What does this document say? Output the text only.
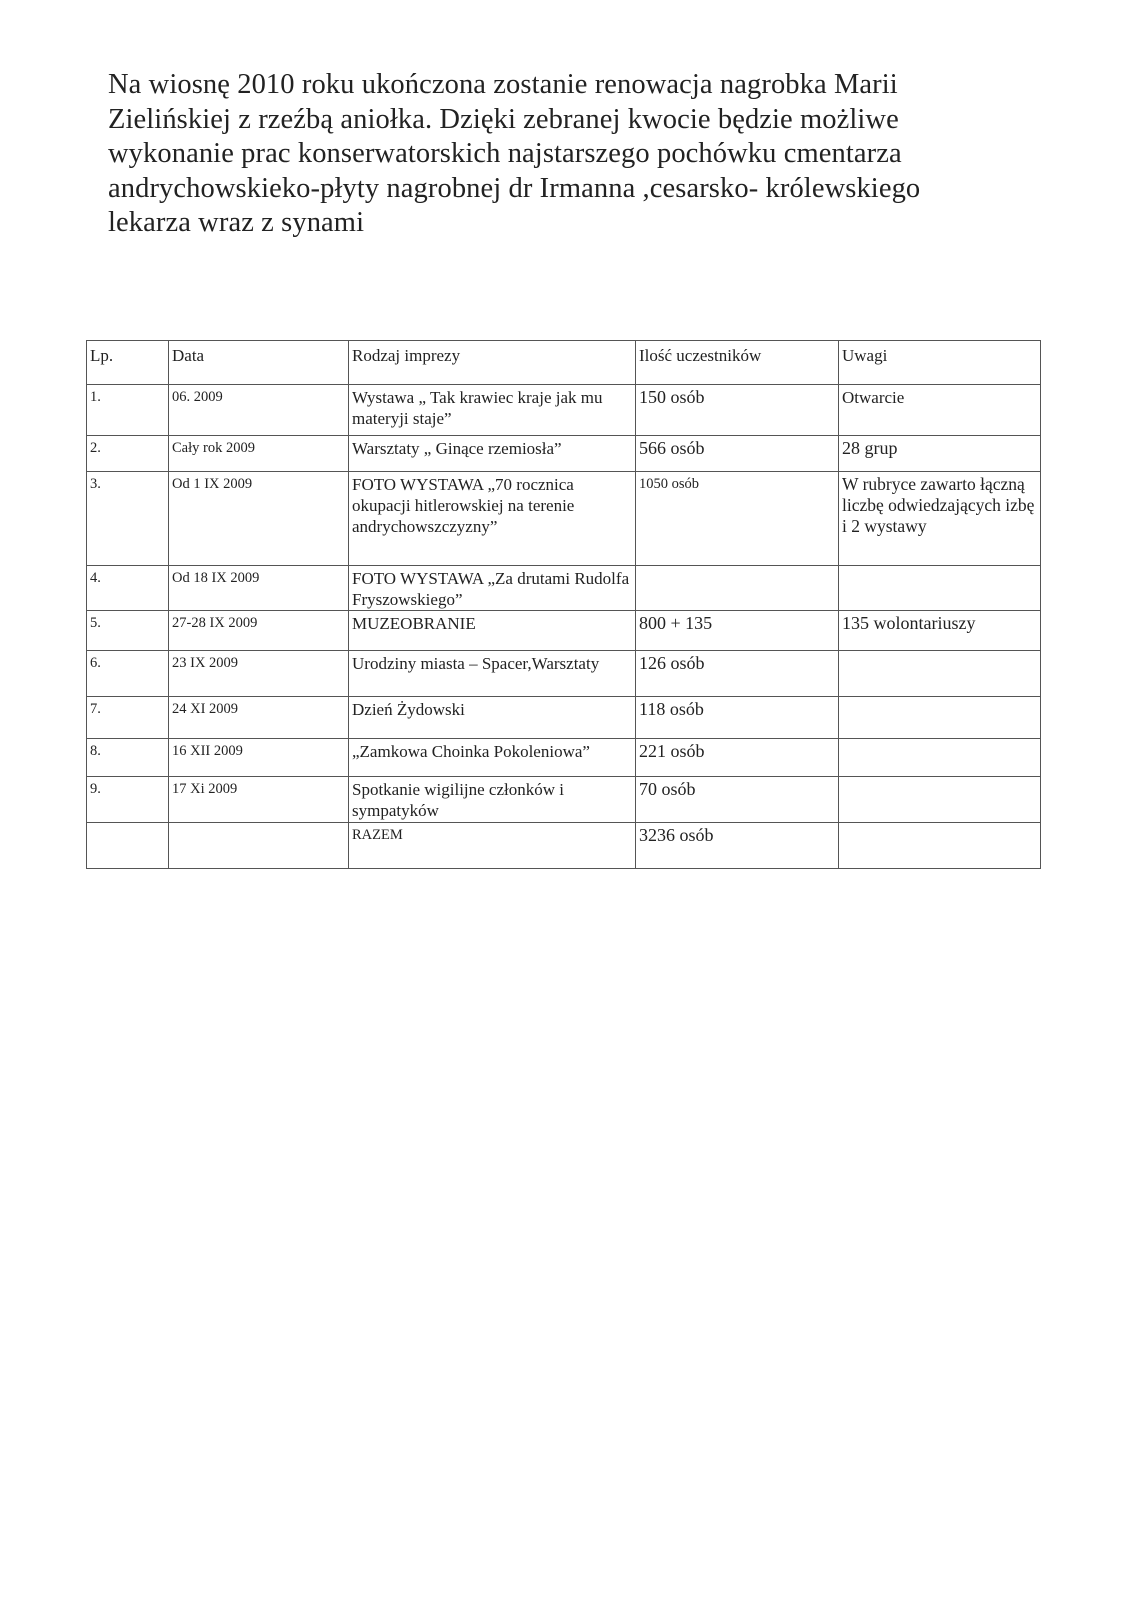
Na wiosnę 2010 roku ukończona zostanie renowacja nagrobka Marii

Zielińskiej z rzeźbą aniołka. Dzięki zebranej kwocie będzie możliwe

wykonanie prac konserwatorskich najstarszego pochówku cmentarza

andrychowskieko-płyty nagrobnej dr Irmanna ,cesarsko- królewskiego

lekarza wraz z synami

Lp.	Data	Rodzaj imprezy	Ilość uczestników	Uwagi
1.	06. 2009	Wystawa „ Tak krawiec kraje jak mu materyji staje”	150 osób	Otwarcie
2.	Cały rok 2009	Warsztaty „ Ginące rzemiosła”	566 osób	28 grup
3.	Od 1 IX 2009	FOTO WYSTAWA „70 rocznica okupacji hitlerowskiej na terenie andrychowszczyzny”	1050 osób	W rubryce zawarto łączną liczbę odwiedzających izbę i 2 wystawy
4.	Od 18 IX 2009	FOTO WYSTAWA „Za drutami Rudolfa Fryszowskiego”		
5.	27-28 IX 2009	MUZEOBRANIE	800 + 135	135 wolontariuszy
6.	23 IX 2009	Urodziny miasta – Spacer,Warsztaty	126 osób	
7.	24 XI 2009	Dzień Żydowski	118 osób	
8.	16 XII 2009	„Zamkowa Choinka Pokoleniowa”	221 osób	
9.	17 Xi 2009	Spotkanie wigilijne członków i sympatyków	70 osób	
		RAZEM	3236 osób	
